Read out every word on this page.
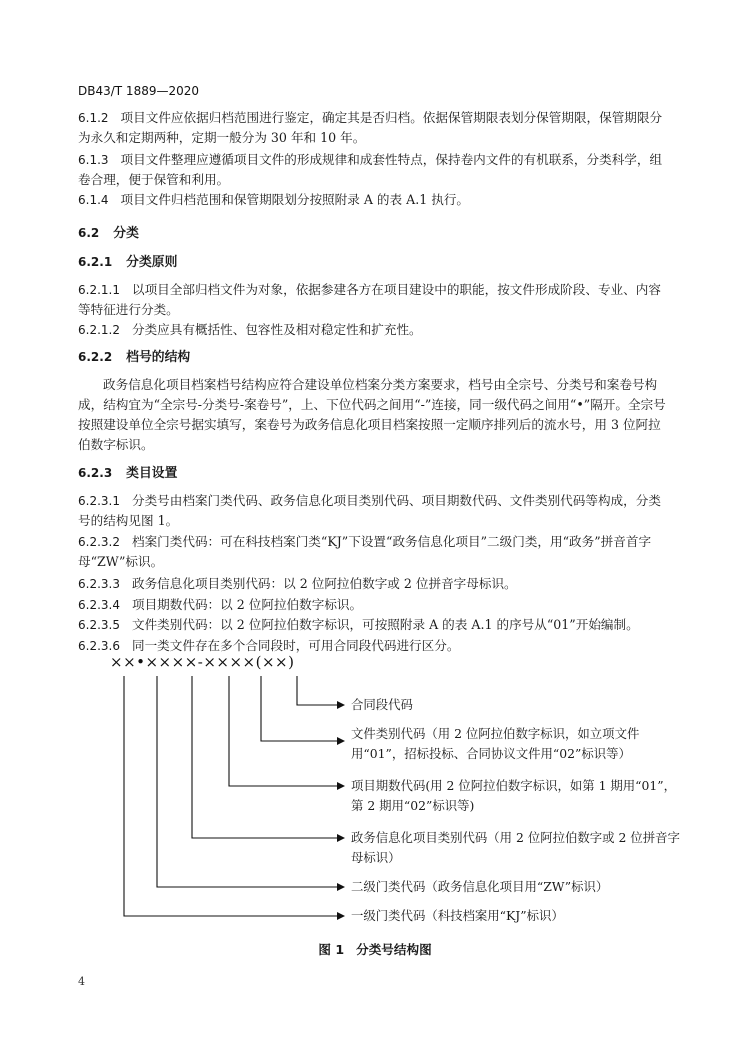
DB43/T 1889—2020
6.1.2 项目文件应依据归档范围进行鉴定，确定其是否归档。依据保管期限表划分保管期限，保管期限分为永久和定期两种，定期一般分为 30 年和 10 年。
6.1.3 项目文件整理应遵循项目文件的形成规律和成套性特点，保持卷内文件的有机联系，分类科学，组卷合理，便于保管和利用。
6.1.4 项目文件归档范围和保管期限划分按照附录 A 的表 A.1 执行。
6.2 分类
6.2.1 分类原则
6.2.1.1 以项目全部归档文件为对象，依据参建各方在项目建设中的职能，按文件形成阶段、专业、内容等特征进行分类。
6.2.1.2 分类应具有概括性、包容性及相对稳定性和扩充性。
6.2.2 档号的结构
政务信息化项目档案档号结构应符合建设单位档案分类方案要求，档号由全宗号、分类号和案卷号构成，结构宜为“全宗号-分类号-案卷号”，上、下位代码之间用“-”连接，同一级代码之间用“•”隔开。全宗号按照建设单位全宗号据实填写，案卷号为政务信息化项目档案按照一定顺序排列后的流水号，用 3 位阿拉伯数字标识。
6.2.3 类目设置
6.2.3.1 分类号由档案门类代码、政务信息化项目类别代码、项目期数代码、文件类别代码等构成，分类号的结构见图 1。
6.2.3.2 档案门类代码：可在科技档案门类“KJ”下设置“政务信息化项目”二级门类，用“政务”拼音首字母“ZW”标识。
6.2.3.3 政务信息化项目类别代码：以 2 位阿拉伯数字或 2 位拼音字母标识。
6.2.3.4 项目期数代码：以 2 位阿拉伯数字标识。
6.2.3.5 文件类别代码：以 2 位阿拉伯数字标识，可按照附录 A 的表 A.1 的序号从“01”开始编制。
6.2.3.6 同一类文件存在多个合同段时，可用合同段代码进行区分。
××•××××-××××(××)
合同段代码
文件类别代码（用 2 位阿拉伯数字标识，如立项文件用“01”，招标投标、合同协议文件用“02”标识等）
项目期数代码(用 2 位阿拉伯数字标识，如第 1 期用“01”，第 2 期用“02”标识等)
政务信息化项目类别代码（用 2 位阿拉伯数字或 2 位拼音字母标识）
二级门类代码（政务信息化项目用“ZW”标识）
一级门类代码（科技档案用“KJ”标识）
图 1 分类号结构图
4
